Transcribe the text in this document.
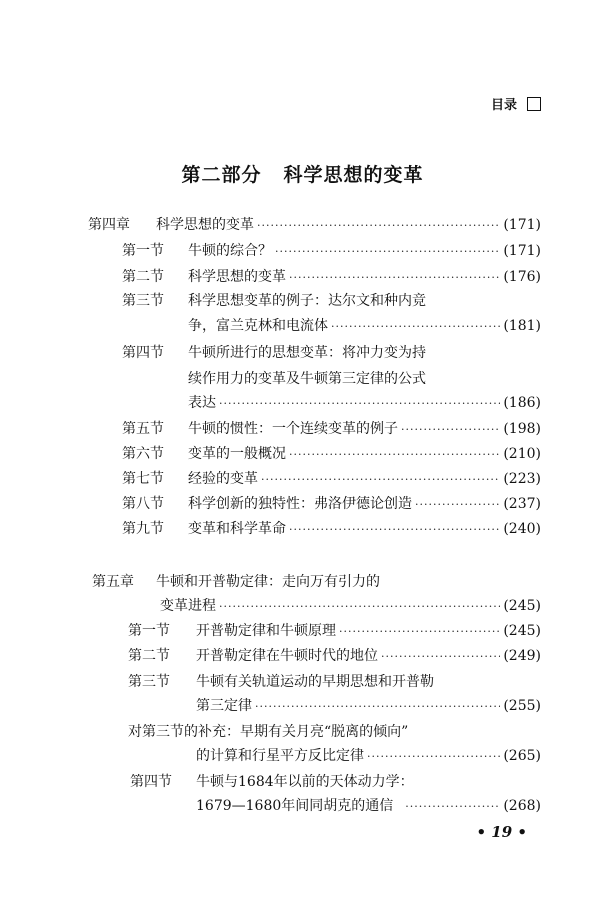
目录
第二部分 科学思想的变革
第四章	科学思想的变革 ·····	(171)
第一节	牛顿的综合？ ·····	(171)
第二节	科学思想的变革 ·····	(176)
第三节	科学思想变革的例子：达尔文和种内竞
争，富兰克林和电流体 ·····	(181)
第四节	牛顿所进行的思想变革：将冲力变为持
续作用力的变革及牛顿第三定律的公式
表达 ·····	(186)
第五节	牛顿的惯性：一个连续变革的例子 ·····	(198)
第六节	变革的一般概况 ·····	(210)
第七节	经验的变革 ·····	(223)
第八节	科学创新的独特性：弗洛伊德论创造 ·····	(237)
第九节	变革和科学革命 ·····	(240)
第五章	牛顿和开普勒定律：走向万有引力的
变革进程 ·····	(245)
第一节	开普勒定律和牛顿原理 ·····	(245)
第二节	开普勒定律在牛顿时代的地位 ·····	(249)
第三节	牛顿有关轨道运动的早期思想和开普勒
第三定律 ·····	(255)
对第三节的补充：早期有关月亮“脱离的倾向”
的计算和行星平方反比定律 ·····	(265)
第四节	牛顿与1684年以前的天体动力学：
1679—1680年间同胡克的通信 ·····	(268)
• 19 •
